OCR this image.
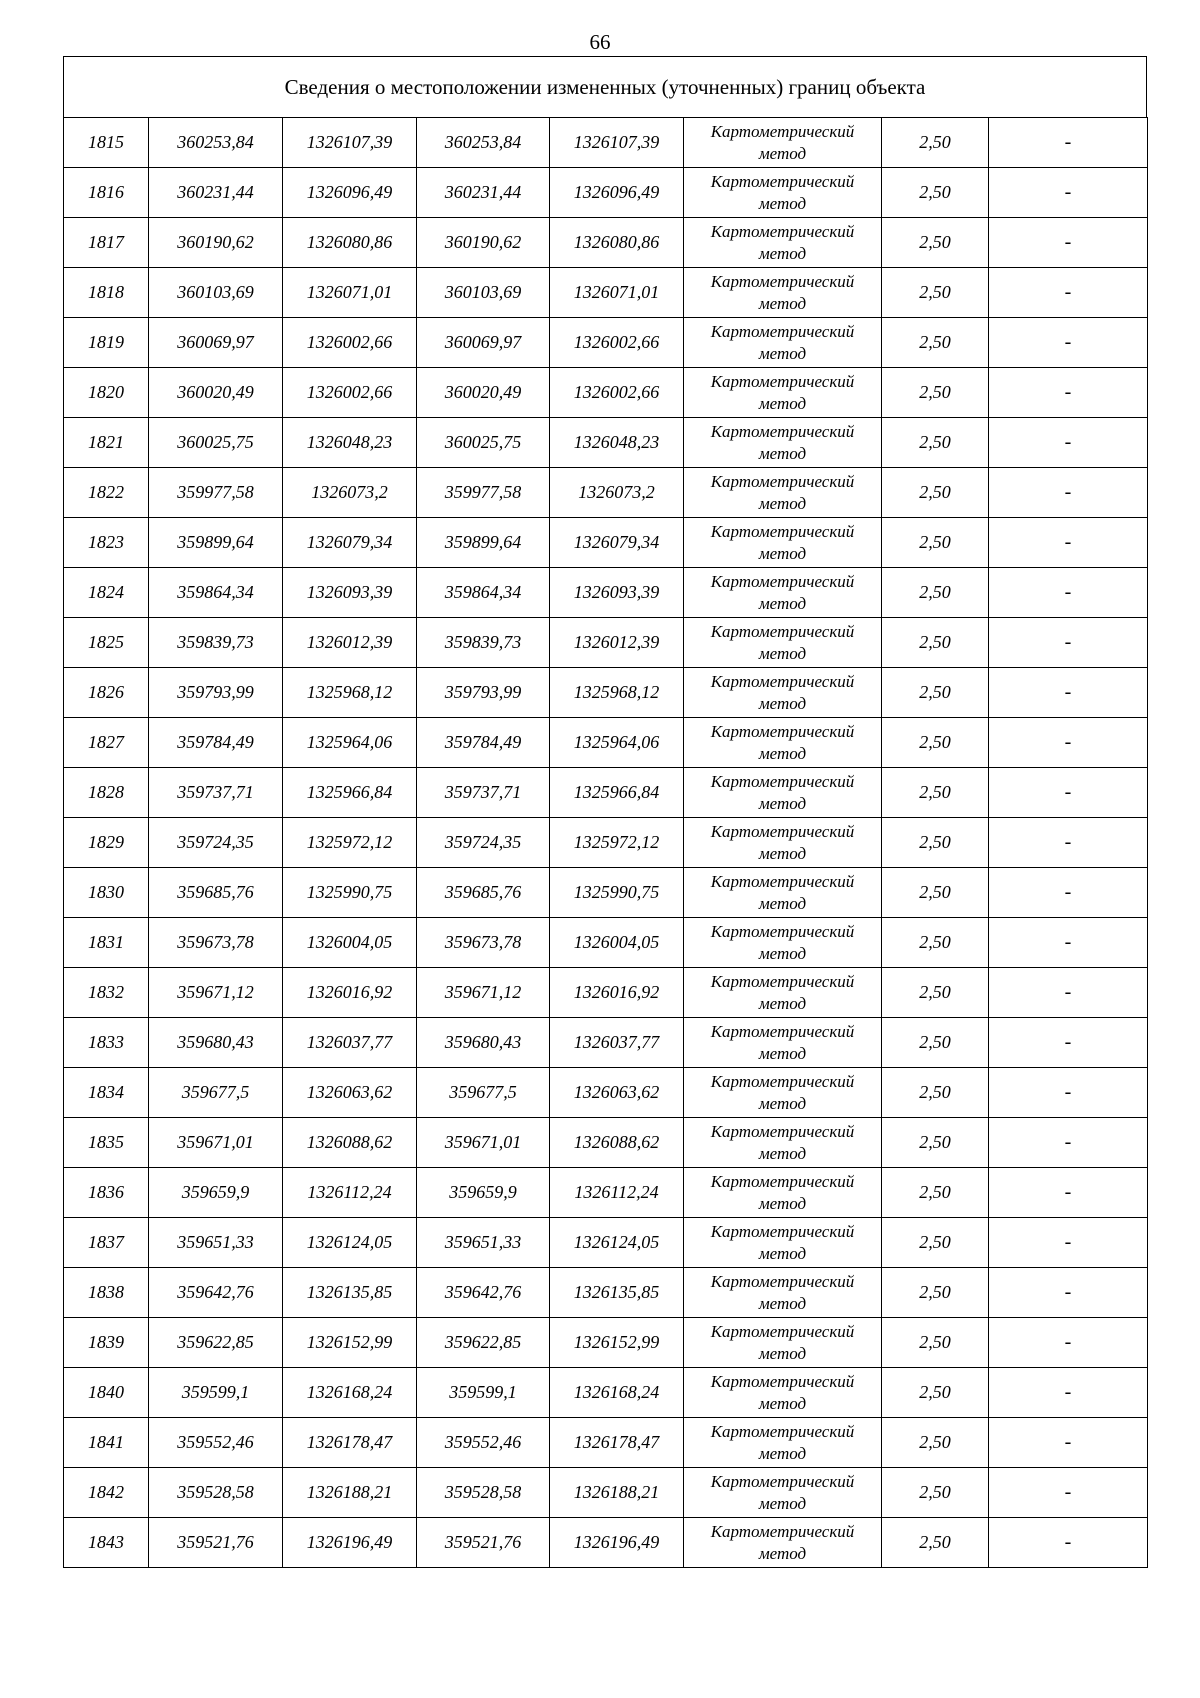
66
Сведения о местоположении измененных (уточненных) границ объекта
1815	360253,84	1326107,39	360253,84	1326107,39	Картометрический
метод	2,50	-
1816	360231,44	1326096,49	360231,44	1326096,49	Картометрический
метод	2,50	-
1817	360190,62	1326080,86	360190,62	1326080,86	Картометрический
метод	2,50	-
1818	360103,69	1326071,01	360103,69	1326071,01	Картометрический
метод	2,50	-
1819	360069,97	1326002,66	360069,97	1326002,66	Картометрический
метод	2,50	-
1820	360020,49	1326002,66	360020,49	1326002,66	Картометрический
метод	2,50	-
1821	360025,75	1326048,23	360025,75	1326048,23	Картометрический
метод	2,50	-
1822	359977,58	1326073,2	359977,58	1326073,2	Картометрический
метод	2,50	-
1823	359899,64	1326079,34	359899,64	1326079,34	Картометрический
метод	2,50	-
1824	359864,34	1326093,39	359864,34	1326093,39	Картометрический
метод	2,50	-
1825	359839,73	1326012,39	359839,73	1326012,39	Картометрический
метод	2,50	-
1826	359793,99	1325968,12	359793,99	1325968,12	Картометрический
метод	2,50	-
1827	359784,49	1325964,06	359784,49	1325964,06	Картометрический
метод	2,50	-
1828	359737,71	1325966,84	359737,71	1325966,84	Картометрический
метод	2,50	-
1829	359724,35	1325972,12	359724,35	1325972,12	Картометрический
метод	2,50	-
1830	359685,76	1325990,75	359685,76	1325990,75	Картометрический
метод	2,50	-
1831	359673,78	1326004,05	359673,78	1326004,05	Картометрический
метод	2,50	-
1832	359671,12	1326016,92	359671,12	1326016,92	Картометрический
метод	2,50	-
1833	359680,43	1326037,77	359680,43	1326037,77	Картометрический
метод	2,50	-
1834	359677,5	1326063,62	359677,5	1326063,62	Картометрический
метод	2,50	-
1835	359671,01	1326088,62	359671,01	1326088,62	Картометрический
метод	2,50	-
1836	359659,9	1326112,24	359659,9	1326112,24	Картометрический
метод	2,50	-
1837	359651,33	1326124,05	359651,33	1326124,05	Картометрический
метод	2,50	-
1838	359642,76	1326135,85	359642,76	1326135,85	Картометрический
метод	2,50	-
1839	359622,85	1326152,99	359622,85	1326152,99	Картометрический
метод	2,50	-
1840	359599,1	1326168,24	359599,1	1326168,24	Картометрический
метод	2,50	-
1841	359552,46	1326178,47	359552,46	1326178,47	Картометрический
метод	2,50	-
1842	359528,58	1326188,21	359528,58	1326188,21	Картометрический
метод	2,50	-
1843	359521,76	1326196,49	359521,76	1326196,49	Картометрический
метод	2,50	-
